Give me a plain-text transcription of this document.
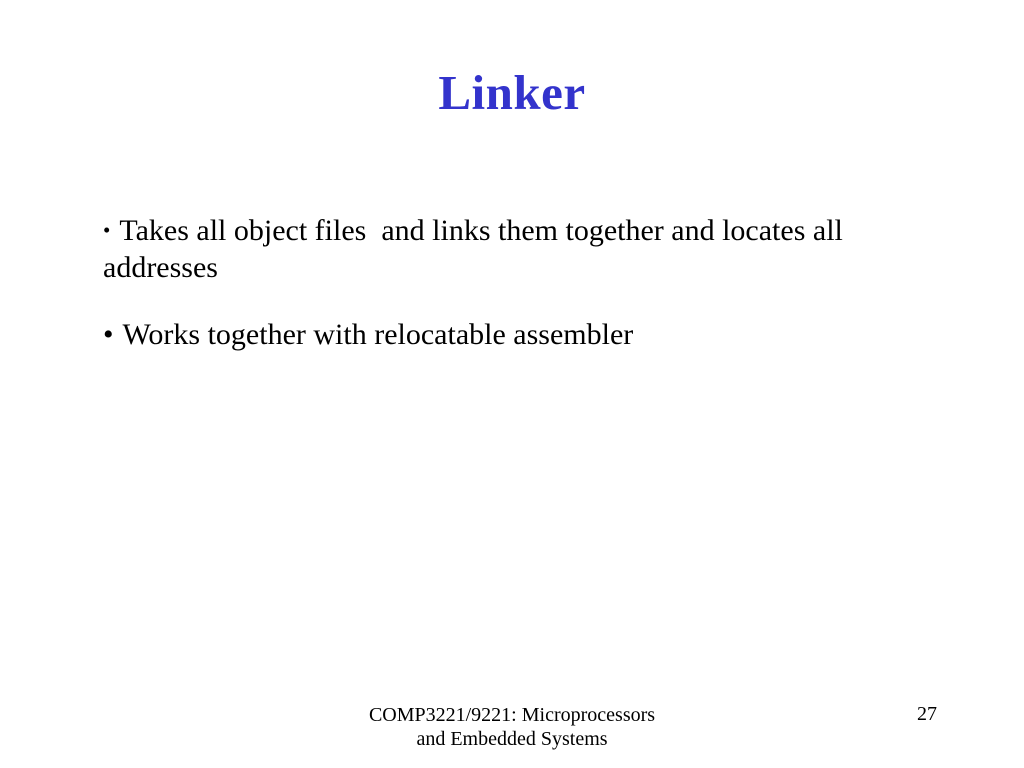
Linker

• Takes all object files  and links them together and locates all addresses

• Works together with relocatable assembler

COMP3221/9221: Microprocessors
and Embedded Systems
27
